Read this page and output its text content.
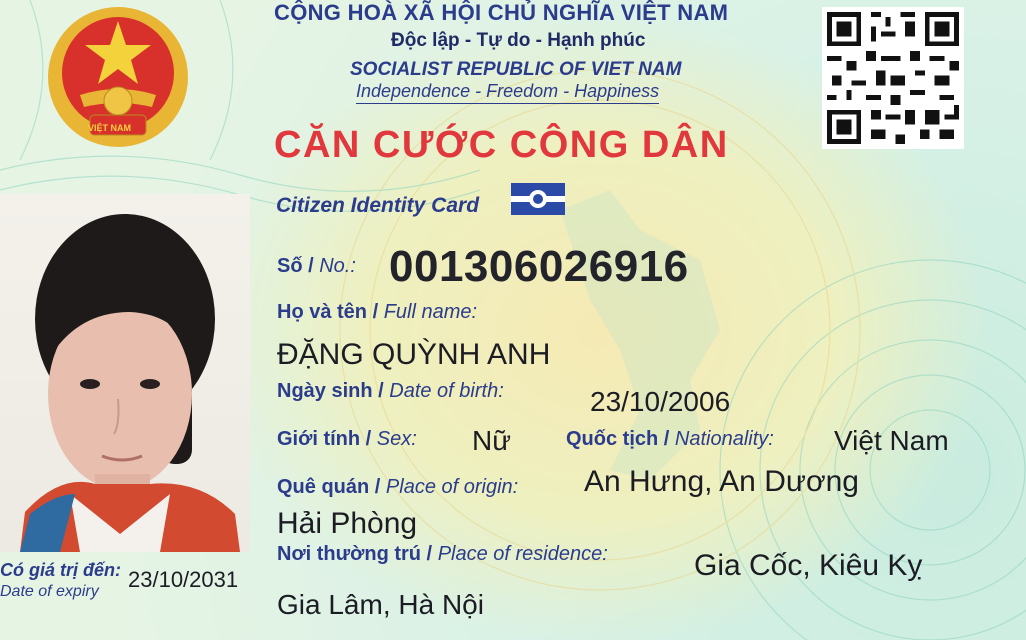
VIỆT NAM
CỘNG HOÀ XÃ HỘI CHỦ NGHĨA VIỆT NAM
Độc lập - Tự do - Hạnh phúc
SOCIALIST REPUBLIC OF VIET NAM
Independence - Freedom - Happiness
CĂN CƯỚC CÔNG DÂN
Citizen Identity Card
Số / No.: 001306026916
Họ và tên / Full name:
ĐẶNG QUỲNH ANH
Ngày sinh / Date of birth:	23/10/2006
Giới tính / Sex: Nữ	Quốc tịch / Nationality: Việt Nam
Quê quán / Place of origin: An Hưng, An Dương
Hải Phòng
Nơi thường trú / Place of residence:	Gia Cốc, Kiêu Kỵ
Gia Lâm, Hà Nội
Có giá trị đến:
Date of expiry 23/10/2031
